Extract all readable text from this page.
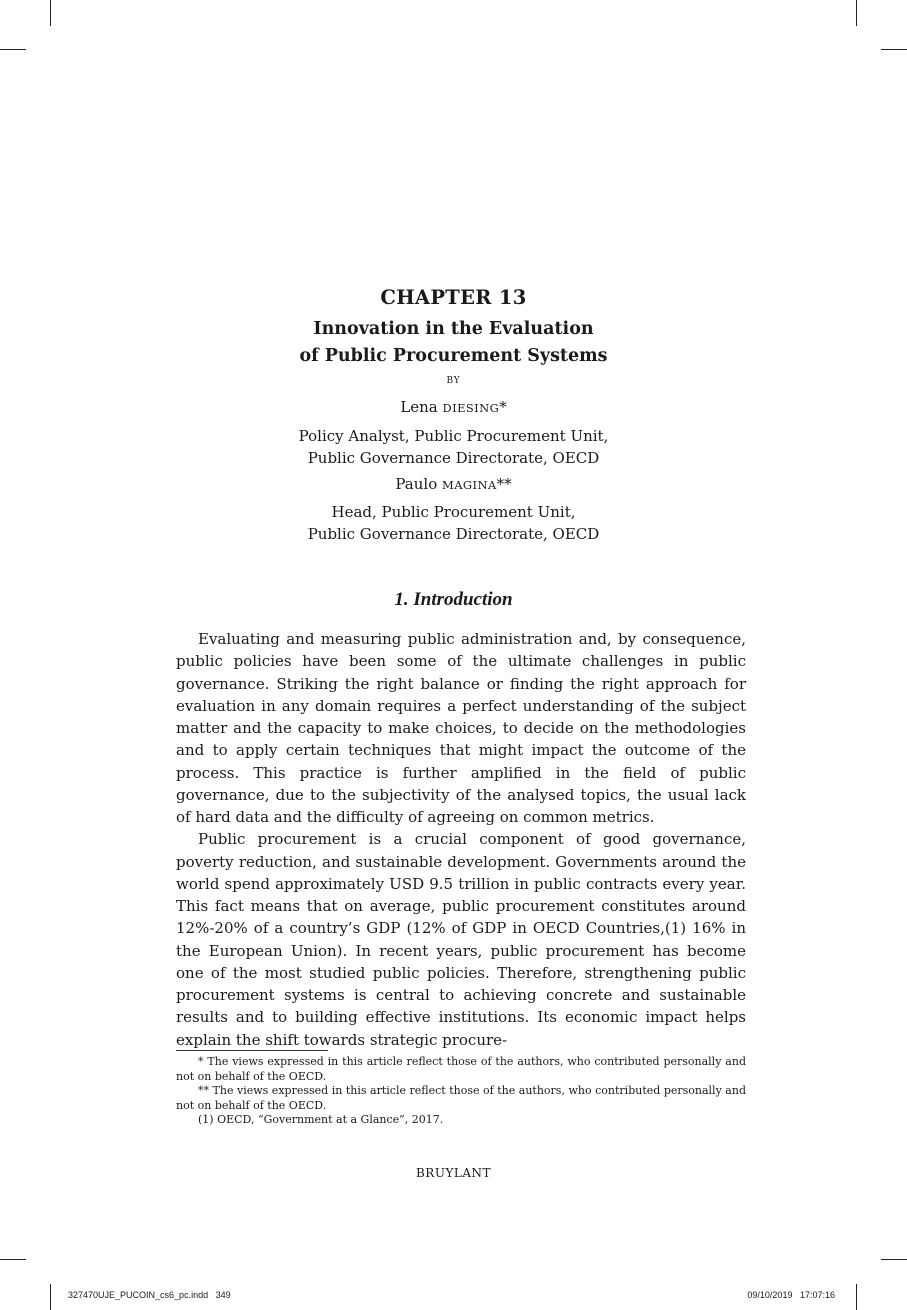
CHAPTER 13
Innovation in the Evaluation
of Public Procurement Systems
BY
Lena DIESING*
Policy Analyst, Public Procurement Unit,
Public Governance Directorate, OECD
Paulo MAGINA**
Head, Public Procurement Unit,
Public Governance Directorate, OECD
1. Introduction

Evaluating and measuring public administration and, by consequence, public policies have been some of the ultimate challenges in public governance. Striking the right balance or finding the right approach for evaluation in any domain requires a perfect understanding of the subject matter and the capacity to make choices, to decide on the methodologies and to apply certain techniques that might impact the outcome of the process. This practice is further amplified in the field of public governance, due to the subjectivity of the analysed topics, the usual lack of hard data and the difficulty of agreeing on common metrics.

Public procurement is a crucial component of good governance, poverty reduction, and sustainable development. Governments around the world spend approximately USD 9.5 trillion in public contracts every year. This fact means that on average, public procurement constitutes around 12%-20% of a country’s GDP (12% of GDP in OECD Countries,(1) 16% in the European Union). In recent years, public procurement has become one of the most studied public policies. Therefore, strengthening public procurement systems is central to achieving concrete and sustainable results and to building effective institutions. Its economic impact helps explain the shift towards strategic procure-

* The views expressed in this article reflect those of the authors, who contributed personally and not on behalf of the OECD.

** The views expressed in this article reflect those of the authors, who contributed personally and not on behalf of the OECD.

(1) OECD, “Government at a Glance”, 2017.

BRUYLANT
327470UJE_PUCOIN_cs6_pc.indd   349	09/10/2019   17:07:16
